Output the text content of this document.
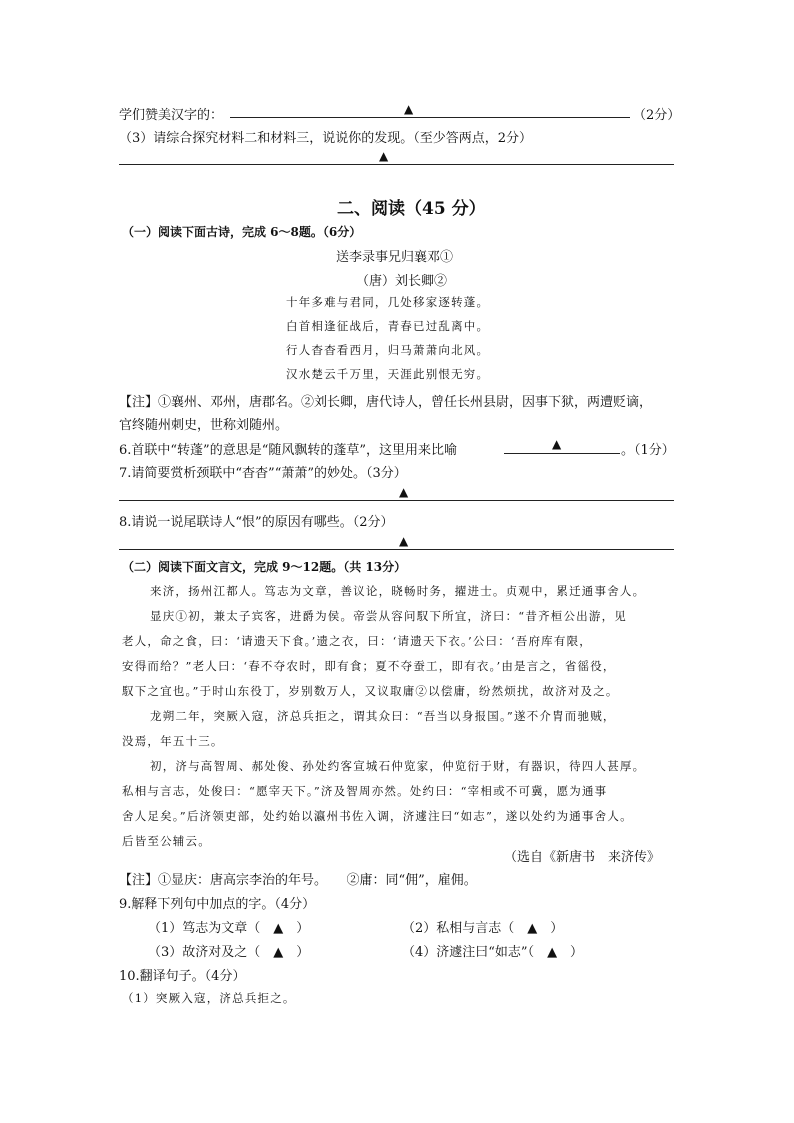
学们赞美汉字的：	▲	（2分）
（3）请综合探究材料二和材料三，说说你的发现。（至少答两点，2分）
▲
二、阅读（45 分）
（一）阅读下面古诗，完成 6～8题。（6分）
送李录事兄归襄邓①
（唐）刘长卿②
十年多难与君同，几处移家逐转蓬。
白首相逢征战后，青春已过乱离中。
行人杳杳看西月，归马萧萧向北风。
汉水楚云千万里，天涯此别恨无穷。
【注】①襄州、邓州，唐郡名。②刘长卿，唐代诗人，曾任长州县尉，因事下狱，两遭贬谪，
官终随州刺史，世称刘随州。
6.首联中“转蓬”的意思是“随风飘转的蓬草”，这里用来比喻	▲	。（1分）
7.请简要赏析颈联中“杳杳”“萧萧”的妙处。（3分）
▲
8.请说一说尾联诗人“恨”的原因有哪些。（2分）
▲
（二）阅读下面文言文，完成 9～12题。（共 13分）
来济，扬州江都人。笃志为文章，善议论，晓畅时务，擢进士。贞观中，累迁通事舍人。
显庆①初，兼太子宾客，进爵为侯。帝尝从容问馭下所宜，济曰：“昔齐桓公出游，见
老人，命之食，曰：‘请遗天下食。’遗之衣，曰：‘请遗天下衣。’公曰：‘吾府库有限，
安得而给？”老人曰：‘春不夺农时，即有食；夏不夺蚕工，即有衣。’由是言之，省徭役，
馭下之宜也。”于时山东役丁，岁别数万人，又议取庸②以偿庸，纷然烦扰，故济对及之。
龙朔二年，突厥入寇，济总兵拒之，谓其众曰：“吾当以身报国。”遂不介胄而驰贼，
没焉，年五十三。
初，济与高智周、郝处俊、孙处约客宣城石仲览家，仲览衍于财，有器识，待四人甚厚。
私相与言志，处俊曰：“愿宰天下。”济及智周亦然。处约曰：“宰相或不可冀，愿为通事
舍人足矣。”后济领吏部，处约始以瀛州书佐入调，济遽注曰“如志”，遂以处约为通事舍人。
后皆至公辅云。
（选自《新唐书　来济传》
【注】①显庆：唐高宗李治的年号。　　②庸：同“佣”，雇佣。
9.解释下列句中加点的字。（4分）
（1）笃志为文章（　▲　）	（2）私相与言志（　▲　）
（3）故济对及之（　▲　）	（4）济遽注曰“如志”（　▲　）
10.翻译句子。（4分）
（1）突厥入寇，济总兵拒之。
